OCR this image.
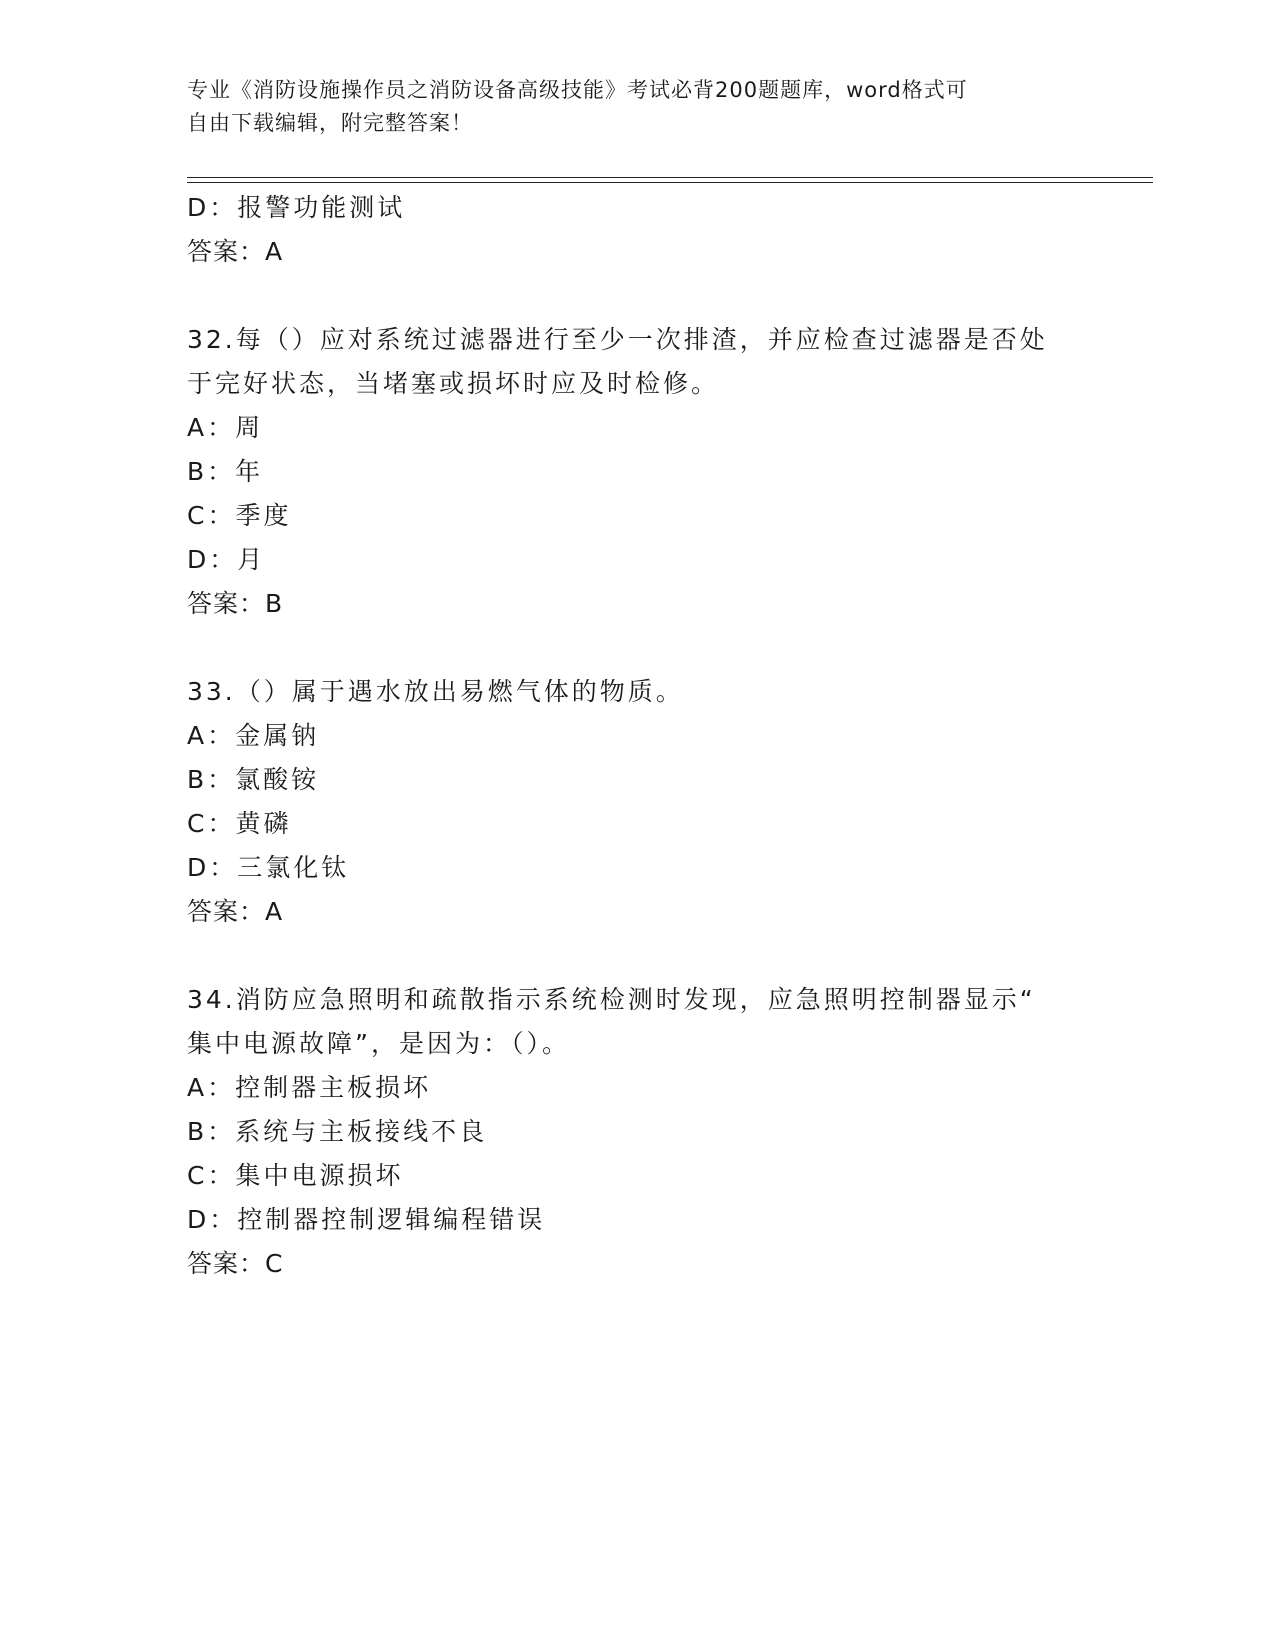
专业《消防设施操作员之消防设备高级技能》考试必背200题题库，word格式可
自由下载编辑，附完整答案！
D：报警功能测试
答案：A
32.每（）应对系统过滤器进行至少一次排渣，并应检查过滤器是否处
于完好状态，当堵塞或损坏时应及时检修。
A：周
B：年
C：季度
D：月
答案：B
33.（）属于遇水放出易燃气体的物质。
A：金属钠
B：氯酸铵
C：黄磷
D：三氯化钛
答案：A
34.消防应急照明和疏散指示系统检测时发现，应急照明控制器显示“
集中电源故障”，是因为：（）。
A：控制器主板损坏
B：系统与主板接线不良
C：集中电源损坏
D：控制器控制逻辑编程错误
答案：C
